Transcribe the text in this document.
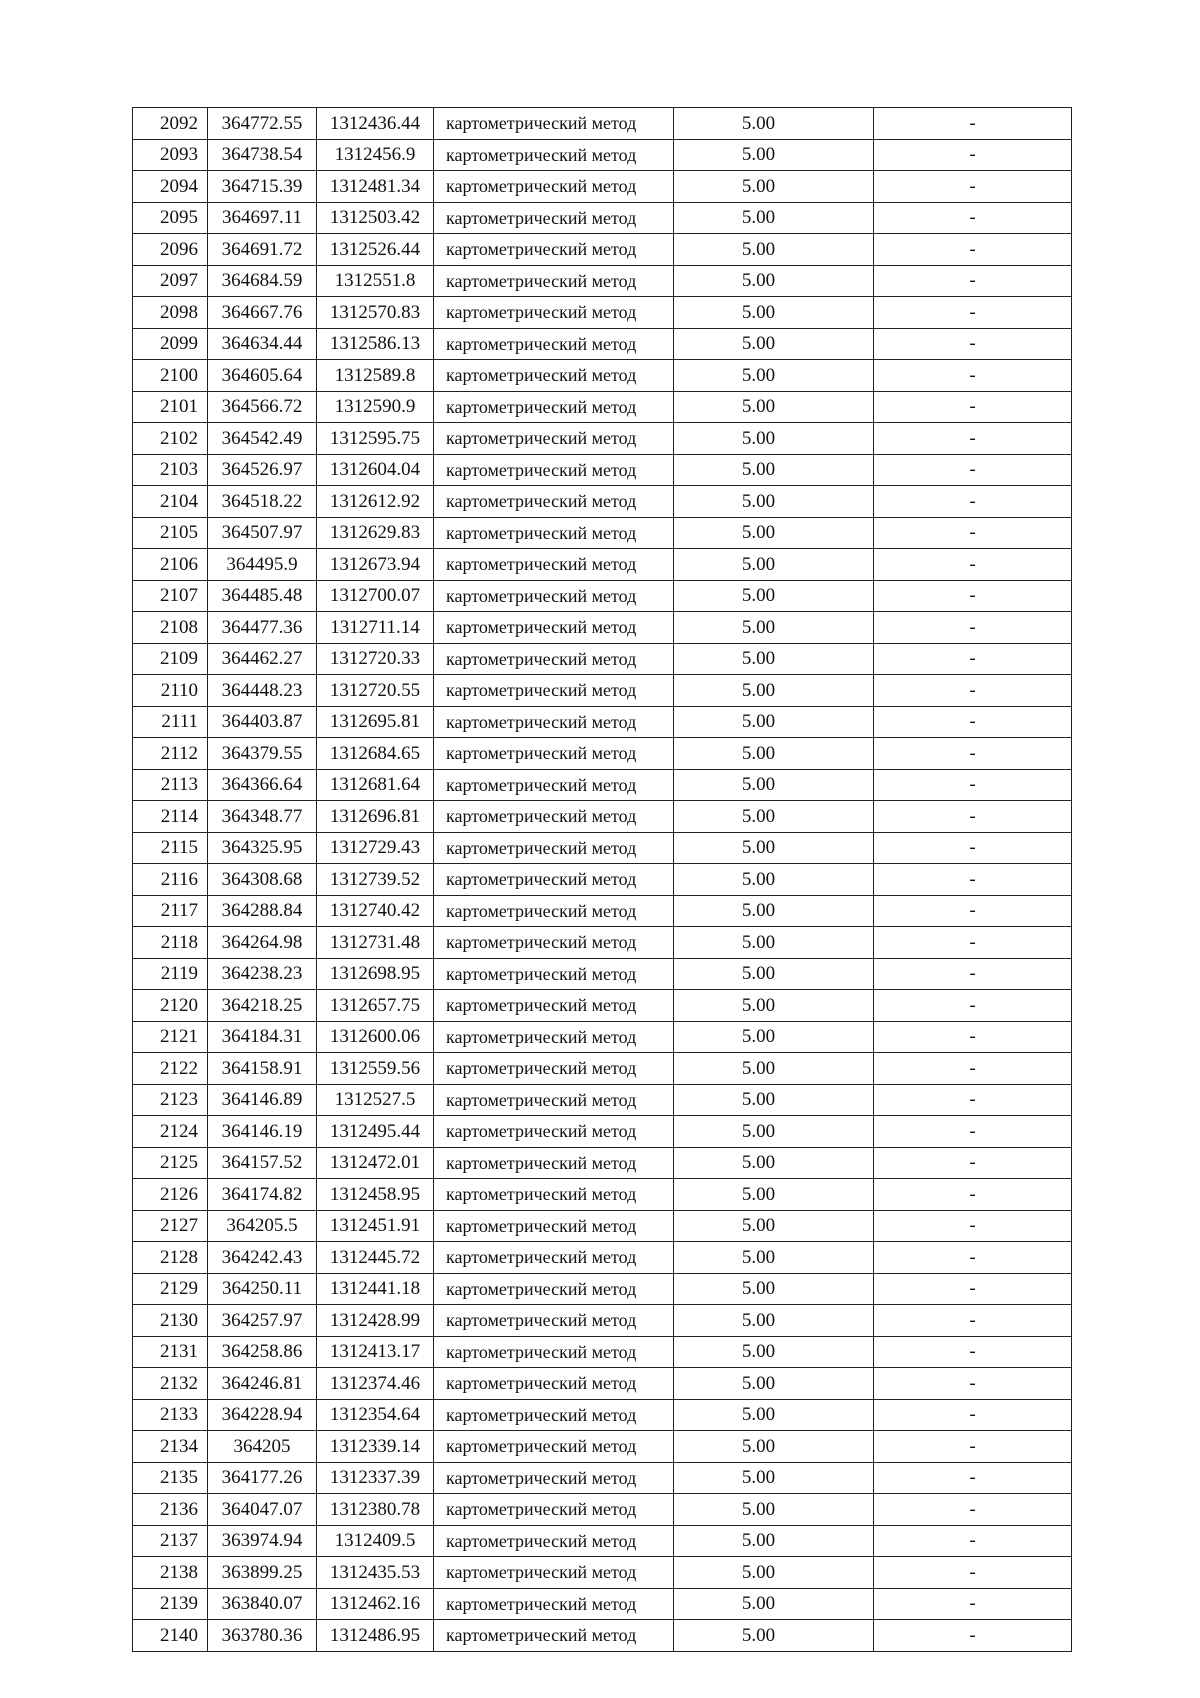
2092	364772.55	1312436.44	картометрический метод	5.00	-
2093	364738.54	1312456.9	картометрический метод	5.00	-
2094	364715.39	1312481.34	картометрический метод	5.00	-
2095	364697.11	1312503.42	картометрический метод	5.00	-
2096	364691.72	1312526.44	картометрический метод	5.00	-
2097	364684.59	1312551.8	картометрический метод	5.00	-
2098	364667.76	1312570.83	картометрический метод	5.00	-
2099	364634.44	1312586.13	картометрический метод	5.00	-
2100	364605.64	1312589.8	картометрический метод	5.00	-
2101	364566.72	1312590.9	картометрический метод	5.00	-
2102	364542.49	1312595.75	картометрический метод	5.00	-
2103	364526.97	1312604.04	картометрический метод	5.00	-
2104	364518.22	1312612.92	картометрический метод	5.00	-
2105	364507.97	1312629.83	картометрический метод	5.00	-
2106	364495.9	1312673.94	картометрический метод	5.00	-
2107	364485.48	1312700.07	картометрический метод	5.00	-
2108	364477.36	1312711.14	картометрический метод	5.00	-
2109	364462.27	1312720.33	картометрический метод	5.00	-
2110	364448.23	1312720.55	картометрический метод	5.00	-
2111	364403.87	1312695.81	картометрический метод	5.00	-
2112	364379.55	1312684.65	картометрический метод	5.00	-
2113	364366.64	1312681.64	картометрический метод	5.00	-
2114	364348.77	1312696.81	картометрический метод	5.00	-
2115	364325.95	1312729.43	картометрический метод	5.00	-
2116	364308.68	1312739.52	картометрический метод	5.00	-
2117	364288.84	1312740.42	картометрический метод	5.00	-
2118	364264.98	1312731.48	картометрический метод	5.00	-
2119	364238.23	1312698.95	картометрический метод	5.00	-
2120	364218.25	1312657.75	картометрический метод	5.00	-
2121	364184.31	1312600.06	картометрический метод	5.00	-
2122	364158.91	1312559.56	картометрический метод	5.00	-
2123	364146.89	1312527.5	картометрический метод	5.00	-
2124	364146.19	1312495.44	картометрический метод	5.00	-
2125	364157.52	1312472.01	картометрический метод	5.00	-
2126	364174.82	1312458.95	картометрический метод	5.00	-
2127	364205.5	1312451.91	картометрический метод	5.00	-
2128	364242.43	1312445.72	картометрический метод	5.00	-
2129	364250.11	1312441.18	картометрический метод	5.00	-
2130	364257.97	1312428.99	картометрический метод	5.00	-
2131	364258.86	1312413.17	картометрический метод	5.00	-
2132	364246.81	1312374.46	картометрический метод	5.00	-
2133	364228.94	1312354.64	картометрический метод	5.00	-
2134	364205	1312339.14	картометрический метод	5.00	-
2135	364177.26	1312337.39	картометрический метод	5.00	-
2136	364047.07	1312380.78	картометрический метод	5.00	-
2137	363974.94	1312409.5	картометрический метод	5.00	-
2138	363899.25	1312435.53	картометрический метод	5.00	-
2139	363840.07	1312462.16	картометрический метод	5.00	-
2140	363780.36	1312486.95	картометрический метод	5.00	-
